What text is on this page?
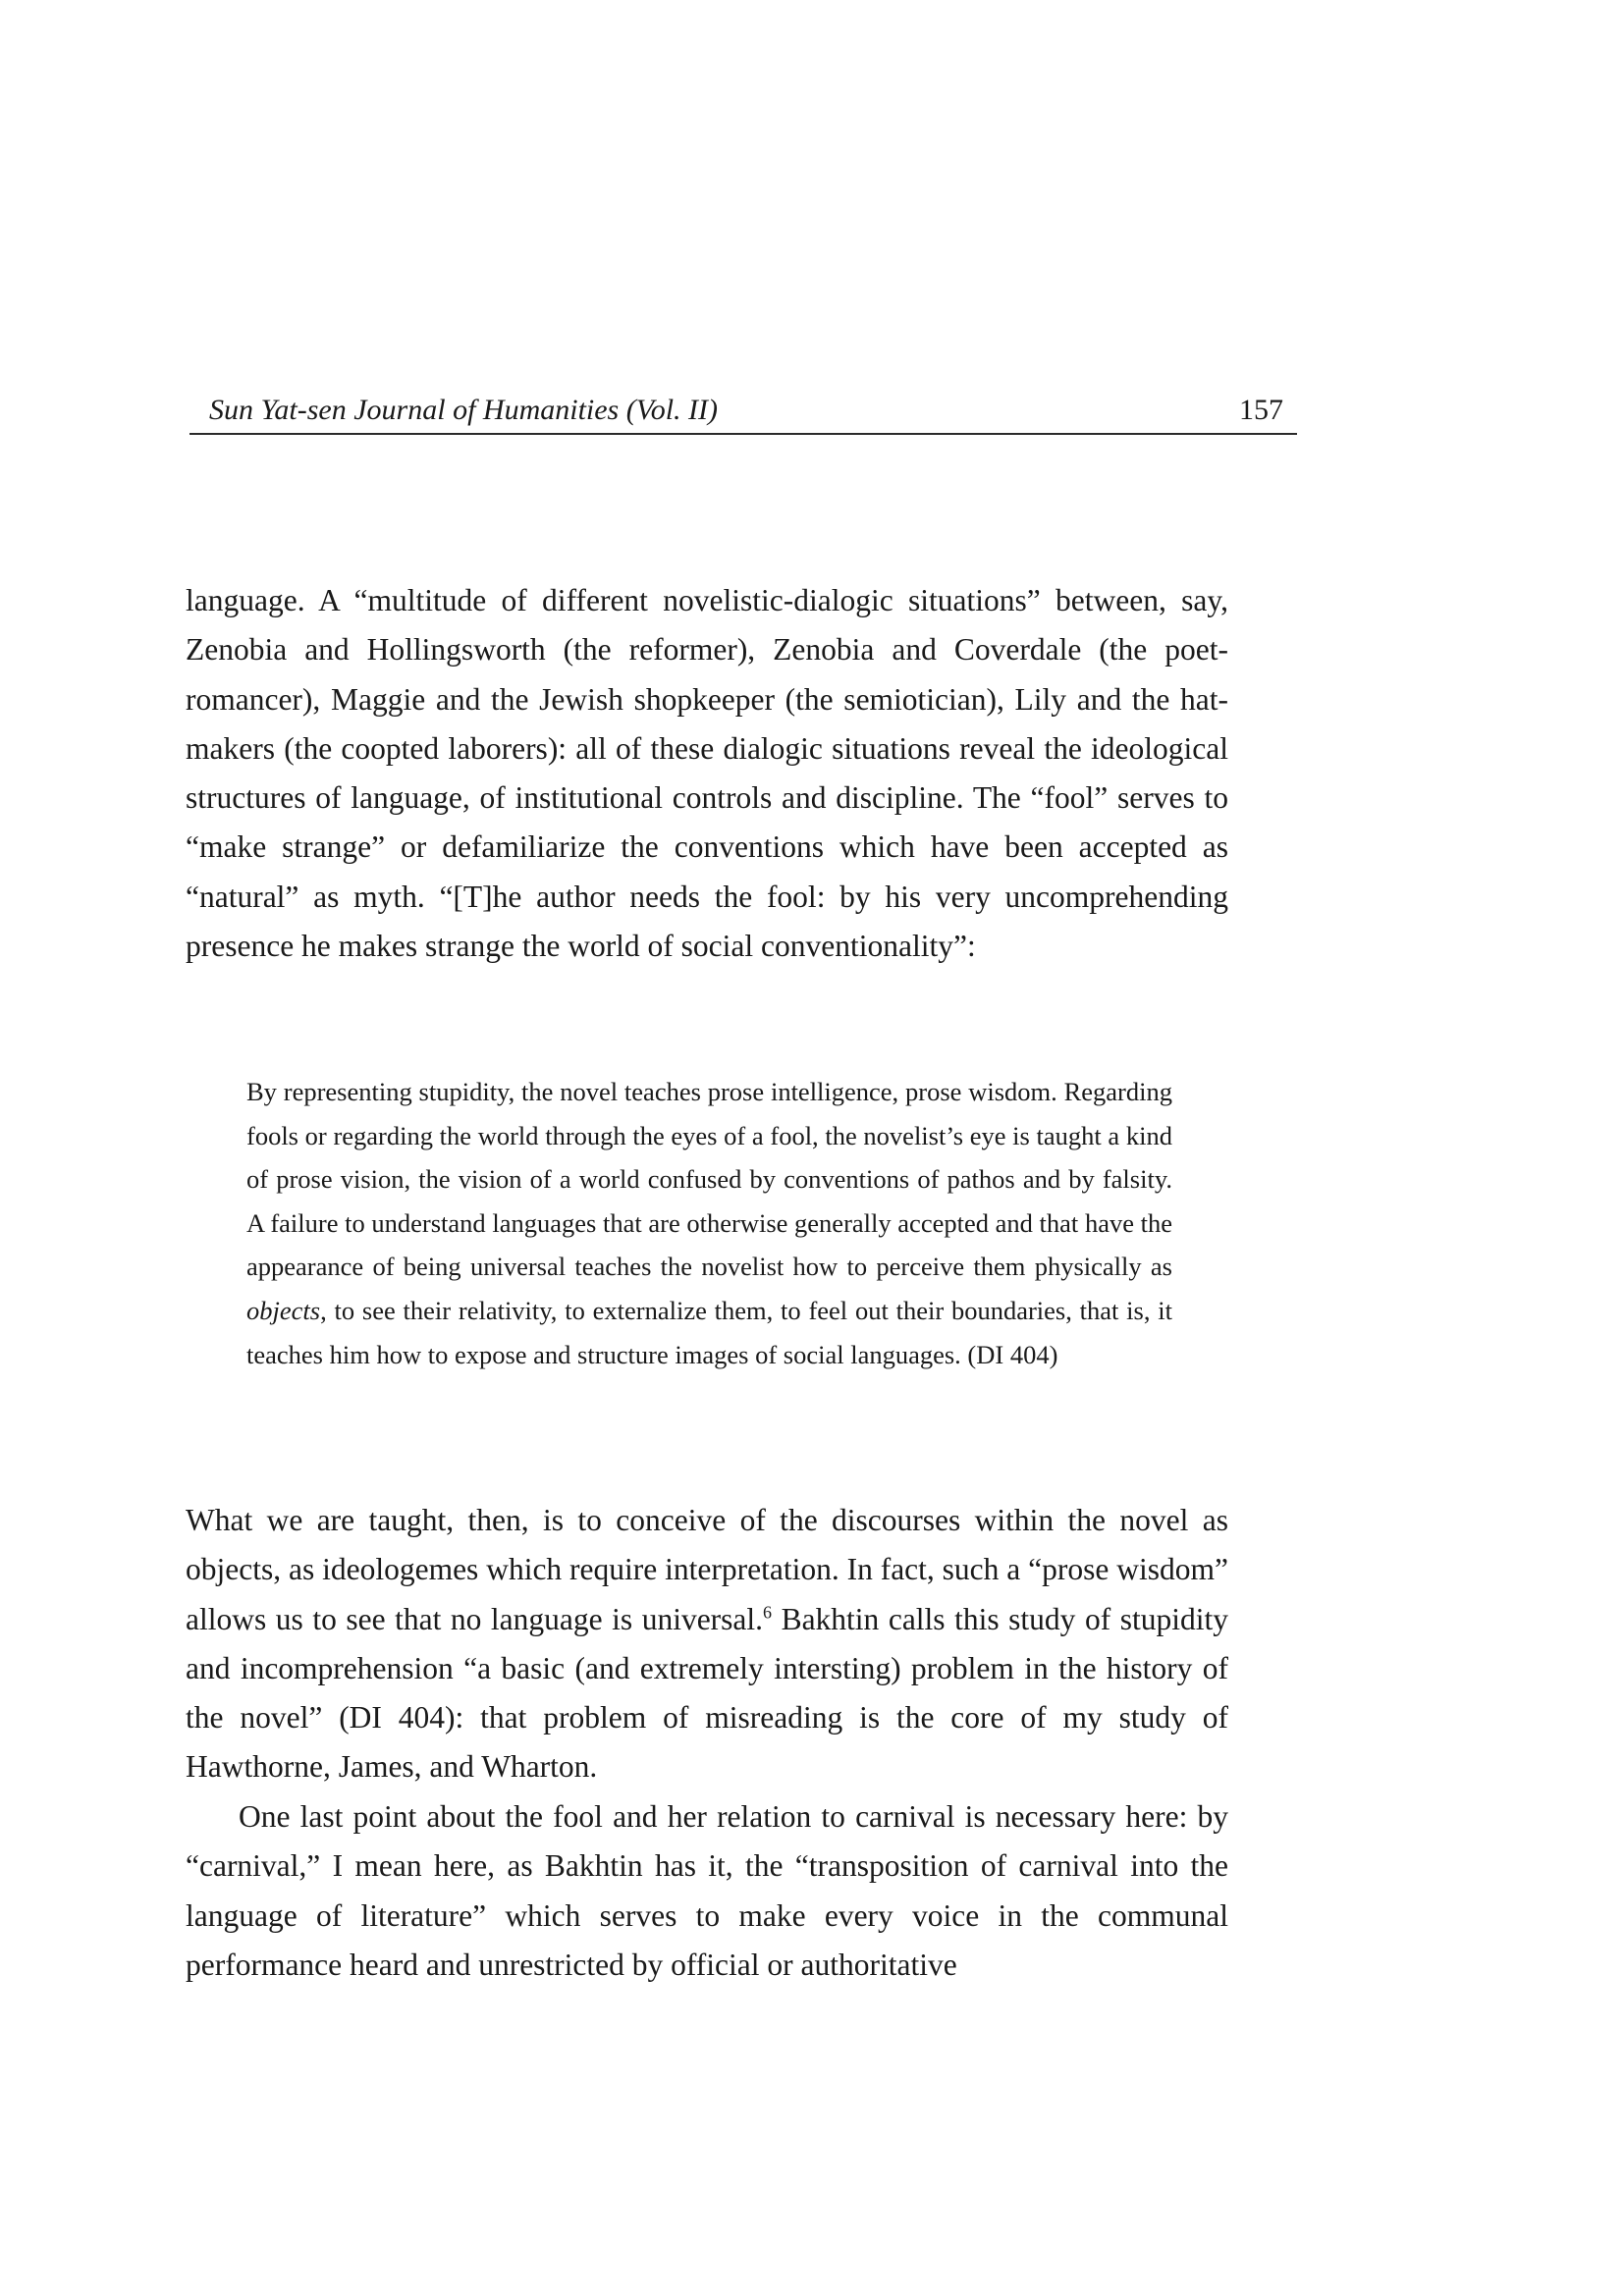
Sun Yat-sen Journal of Humanities (Vol. II)	157

language. A “multitude of different novelistic-dialogic situations” between, say, Zenobia and Hollingsworth (the reformer), Zenobia and Coverdale (the poet-romancer), Maggie and the Jewish shopkeeper (the semiotician), Lily and the hat-makers (the coopted laborers): all of these dialogic situations reveal the ideological structures of language, of institutional controls and discipline. The “fool” serves to “make strange” or defamiliarize the conventions which have been accepted as “natural” as myth. “[T]he author needs the fool: by his very uncomprehending presence he makes strange the world of social conventionality”:

By representing stupidity, the novel teaches prose intelligence, prose wisdom. Regarding fools or regarding the world through the eyes of a fool, the novelist’s eye is taught a kind of prose vision, the vision of a world confused by conventions of pathos and by falsity. A failure to understand languages that are otherwise generally accepted and that have the appearance of being universal teaches the novelist how to perceive them physically as objects, to see their relativity, to externalize them, to feel out their boundaries, that is, it teaches him how to expose and structure images of social languages. (DI 404)

What we are taught, then, is to conceive of the discourses within the novel as objects, as ideologemes which require interpretation. In fact, such a “prose wisdom” allows us to see that no language is universal.$^6$ Bakhtin calls this study of stupidity and incomprehension “a basic (and extremely intersting) problem in the history of the novel” (DI 404): that problem of misreading is the core of my study of Hawthorne, James, and Wharton.

One last point about the fool and her relation to carnival is necessary here: by “carnival,” I mean here, as Bakhtin has it, the “transposition of carnival into the language of literature” which serves to make every voice in the communal performance heard and unrestricted by official or authoritative
